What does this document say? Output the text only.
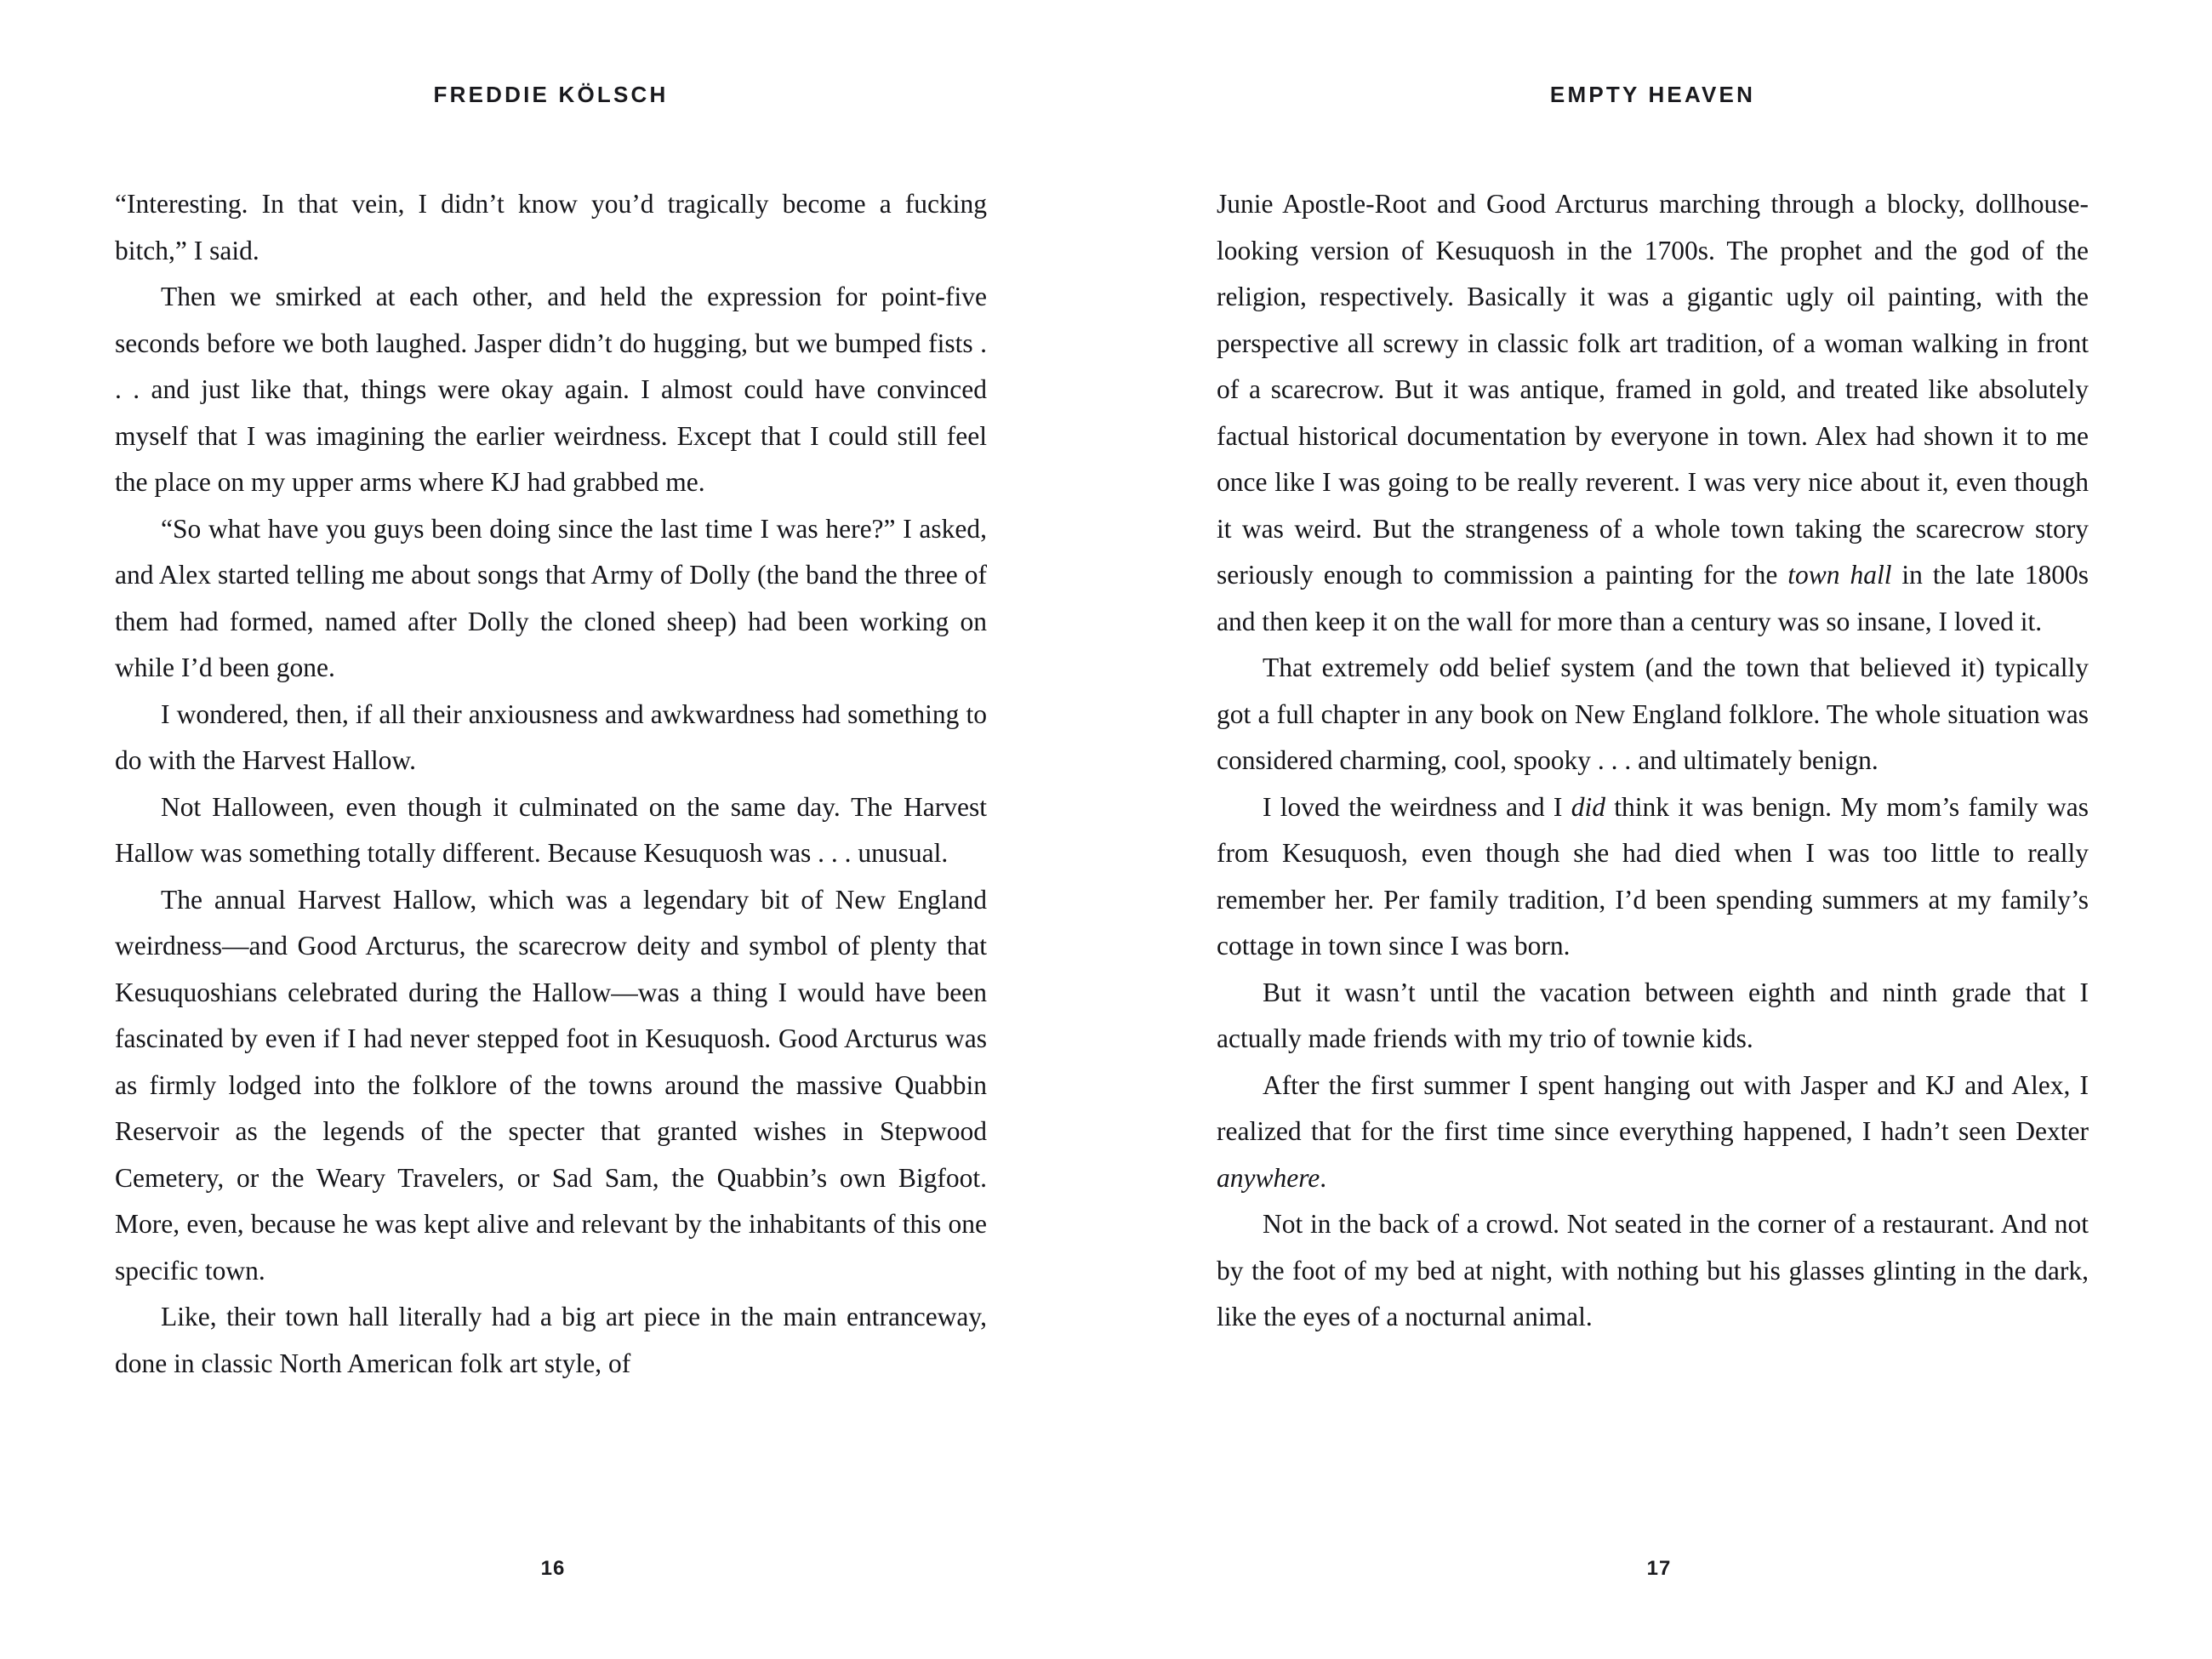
FREDDIE KÖLSCH

“Interesting. In that vein, I didn’t know you’d tragically become a fucking bitch,” I said.

Then we smirked at each other, and held the expression for point-five seconds before we both laughed. Jasper didn’t do hugging, but we bumped fists . . . and just like that, things were okay again. I almost could have convinced myself that I was imagining the earlier weirdness. Except that I could still feel the place on my upper arms where KJ had grabbed me.

“So what have you guys been doing since the last time I was here?” I asked, and Alex started telling me about songs that Army of Dolly (the band the three of them had formed, named after Dolly the cloned sheep) had been working on while I’d been gone.

I wondered, then, if all their anxiousness and awkwardness had something to do with the Harvest Hallow.

Not Halloween, even though it culminated on the same day. The Harvest Hallow was something totally different. Because Kesuquosh was . . . unusual.

The annual Harvest Hallow, which was a legendary bit of New England weirdness—and Good Arcturus, the scarecrow deity and symbol of plenty that Kesuquoshians celebrated during the Hallow—was a thing I would have been fascinated by even if I had never stepped foot in Kesuquosh. Good Arcturus was as firmly lodged into the folklore of the towns around the massive Quabbin Reservoir as the legends of the specter that granted wishes in Stepwood Cemetery, or the Weary Travelers, or Sad Sam, the Quabbin’s own Bigfoot. More, even, because he was kept alive and relevant by the inhabitants of this one specific town.

Like, their town hall literally had a big art piece in the main entranceway, done in classic North American folk art style, of

16
EMPTY HEAVEN

Junie Apostle-Root and Good Arcturus marching through a blocky, dollhouse-looking version of Kesuquosh in the 1700s. The prophet and the god of the religion, respectively. Basically it was a gigantic ugly oil painting, with the perspective all screwy in classic folk art tradition, of a woman walking in front of a scarecrow. But it was antique, framed in gold, and treated like absolutely factual historical documentation by everyone in town. Alex had shown it to me once like I was going to be really reverent. I was very nice about it, even though it was weird. But the strangeness of a whole town taking the scarecrow story seriously enough to commission a painting for the town hall in the late 1800s and then keep it on the wall for more than a century was so insane, I loved it.

That extremely odd belief system (and the town that believed it) typically got a full chapter in any book on New England folklore. The whole situation was considered charming, cool, spooky . . . and ultimately benign.

I loved the weirdness and I did think it was benign. My mom’s family was from Kesuquosh, even though she had died when I was too little to really remember her. Per family tradition, I’d been spending summers at my family’s cottage in town since I was born.

But it wasn’t until the vacation between eighth and ninth grade that I actually made friends with my trio of townie kids.

After the first summer I spent hanging out with Jasper and KJ and Alex, I realized that for the first time since everything happened, I hadn’t seen Dexter anywhere.

Not in the back of a crowd. Not seated in the corner of a restaurant. And not by the foot of my bed at night, with nothing but his glasses glinting in the dark, like the eyes of a nocturnal animal.

17
